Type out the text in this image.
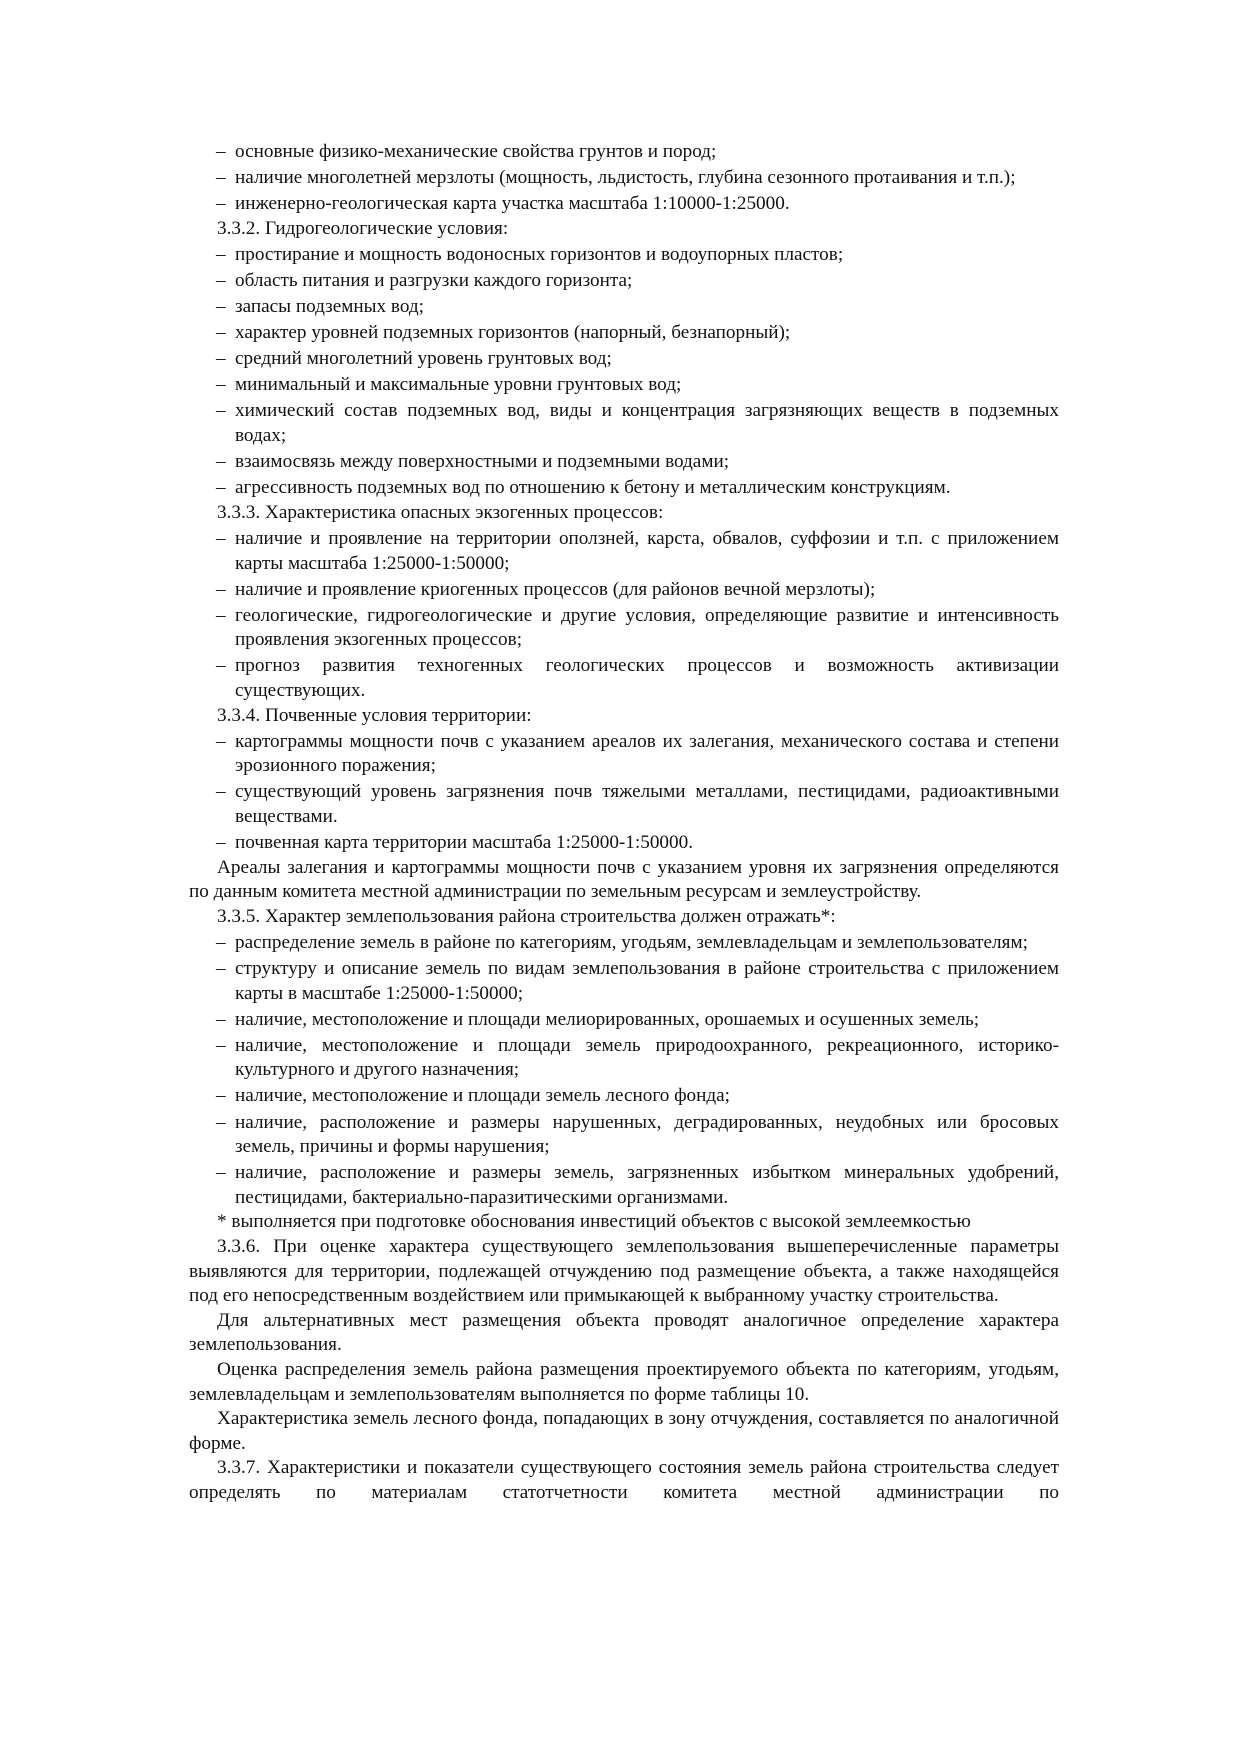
– основные физико-механические свойства грунтов и пород;
– наличие многолетней мерзлоты (мощность, льдистость, глубина сезонного протаивания и т.п.);
– инженерно-геологическая карта участка масштаба 1:10000-1:25000.
3.3.2. Гидрогеологические условия:
– простирание и мощность водоносных горизонтов и водоупорных пластов;
– область питания и разгрузки каждого горизонта;
– запасы подземных вод;
– характер уровней подземных горизонтов (напорный, безнапорный);
– средний многолетний уровень грунтовых вод;
– минимальный и максимальные уровни грунтовых вод;
– химический состав подземных вод, виды и концентрация загрязняющих веществ в подземных водах;
– взаимосвязь между поверхностными и подземными водами;
– агрессивность подземных вод по отношению к бетону и металлическим конструкциям.
3.3.3. Характеристика опасных экзогенных процессов:
– наличие и проявление на территории оползней, карста, обвалов, суффозии и т.п. с приложением карты масштаба 1:25000-1:50000;
– наличие и проявление криогенных процессов (для районов вечной мерзлоты);
– геологические, гидрогеологические и другие условия, определяющие развитие и интенсивность проявления экзогенных процессов;
– прогноз развития техногенных геологических процессов и возможность активизации существующих.
3.3.4. Почвенные условия территории:
– картограммы мощности почв с указанием ареалов их залегания, механического состава и степени эрозионного поражения;
– существующий уровень загрязнения почв тяжелыми металлами, пестицидами, радиоактивными веществами.
– почвенная карта территории масштаба 1:25000-1:50000.
Ареалы залегания и картограммы мощности почв с указанием уровня их загрязнения определяются по данным комитета местной администрации по земельным ресурсам и землеустройству.
3.3.5. Характер землепользования района строительства должен отражать*:
– распределение земель в районе по категориям, угодьям, землевладельцам и землепользователям;
– структуру и описание земель по видам землепользования в районе строительства с приложением карты в масштабе 1:25000-1:50000;
– наличие, местоположение и площади мелиорированных, орошаемых и осушенных земель;
– наличие, местоположение и площади земель природоохранного, рекреационного, историко-культурного и другого назначения;
– наличие, местоположение и площади земель лесного фонда;
– наличие, расположение и размеры нарушенных, деградированных, неудобных или бросовых земель, причины и формы нарушения;
– наличие, расположение и размеры земель, загрязненных избытком минеральных удобрений, пестицидами, бактериально-паразитическими организмами.
* выполняется при подготовке обоснования инвестиций объектов с высокой землеемкостью
3.3.6. При оценке характера существующего землепользования вышеперечисленные параметры выявляются для территории, подлежащей отчуждению под размещение объекта, а также находящейся под его непосредственным воздействием или примыкающей к выбранному участку строительства.
Для альтернативных мест размещения объекта проводят аналогичное определение характера землепользования.
Оценка распределения земель района размещения проектируемого объекта по категориям, угодьям, землевладельцам и землепользователям выполняется по форме таблицы 10.
Характеристика земель лесного фонда, попадающих в зону отчуждения, составляется по аналогичной форме.
3.3.7. Характеристики и показатели существующего состояния земель района строительства следует определять по материалам статотчетности комитета местной администрации по
